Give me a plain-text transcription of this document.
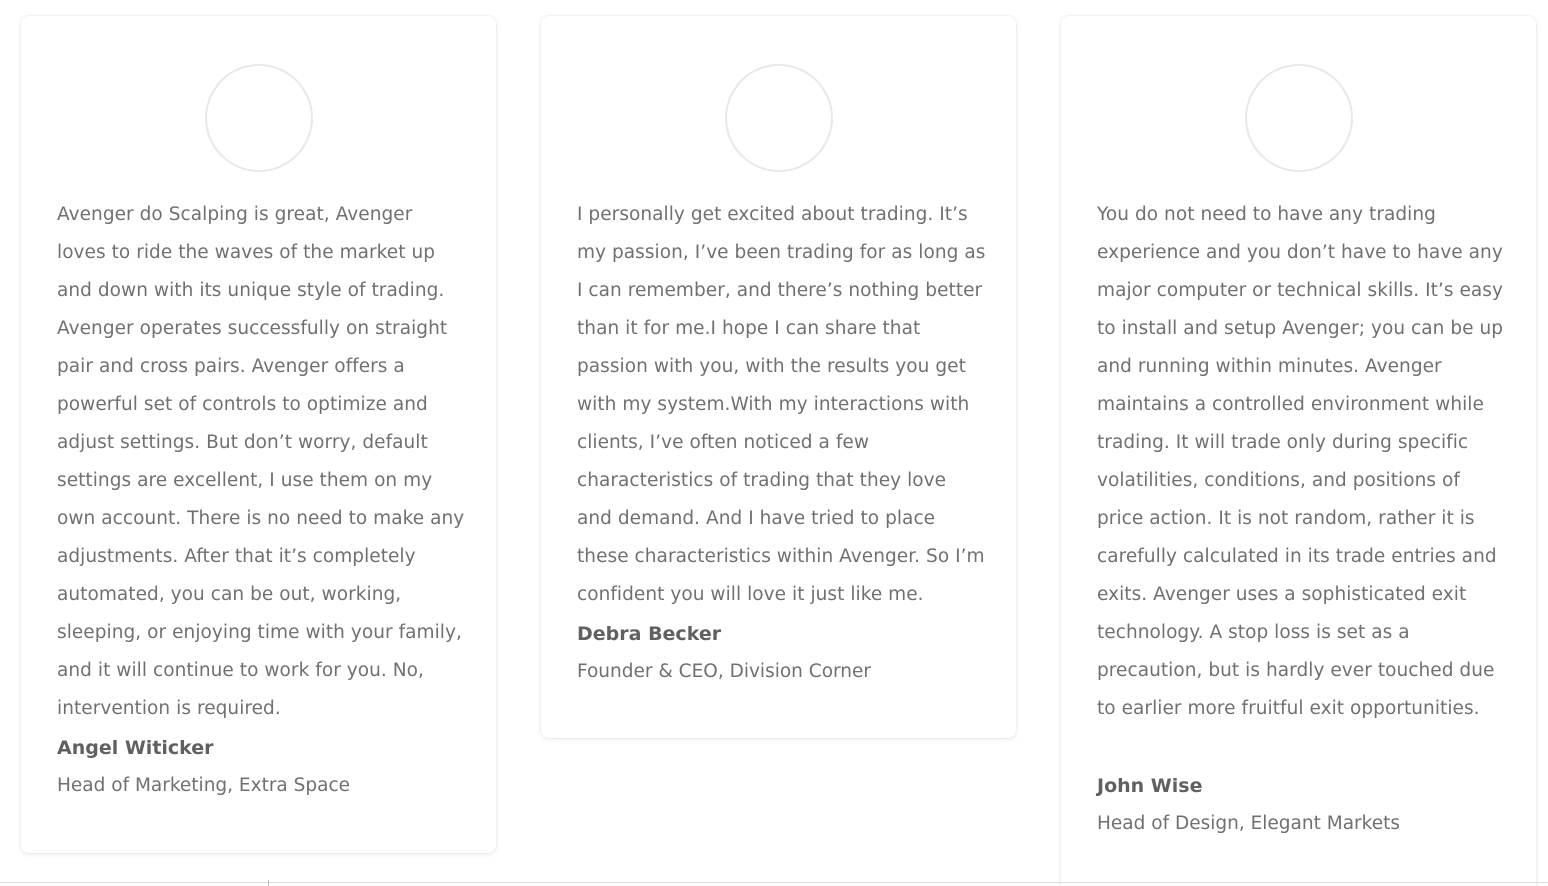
Avenger do Scalping is great, Avenger loves to ride the waves of the market up and down with its unique style of trading. Avenger operates successfully on straight pair and cross pairs. Avenger offers a powerful set of controls to optimize and adjust settings. But don’t worry, default settings are excellent, I use them on my own account. There is no need to make any adjustments. After that it’s completely automated, you can be out, working, sleeping, or enjoying time with your family, and it will continue to work for you. No, intervention is required.

Angel Witicker

Head of Marketing, Extra Space

I personally get excited about trading. It’s my passion, I’ve been trading for as long as I can remember, and there’s nothing better than it for me.I hope I can share that passion with you, with the results you get with my system.With my interactions with clients, I’ve often noticed a few characteristics of trading that they love and demand. And I have tried to place these characteristics within Avenger. So I’m confident you will love it just like me.

Debra Becker

Founder & CEO, Division Corner

You do not need to have any trading experience and you don’t have to have any major computer or technical skills. It’s easy to install and setup Avenger; you can be up and running within minutes. Avenger maintains a controlled environment while trading. It will trade only during specific volatilities, conditions, and positions of price action. It is not random, rather it is carefully calculated in its trade entries and exits. Avenger uses a sophisticated exit technology. A stop loss is set as a precaution, but is hardly ever touched due to earlier more fruitful exit opportunities.

John Wise

Head of Design, Elegant Markets
